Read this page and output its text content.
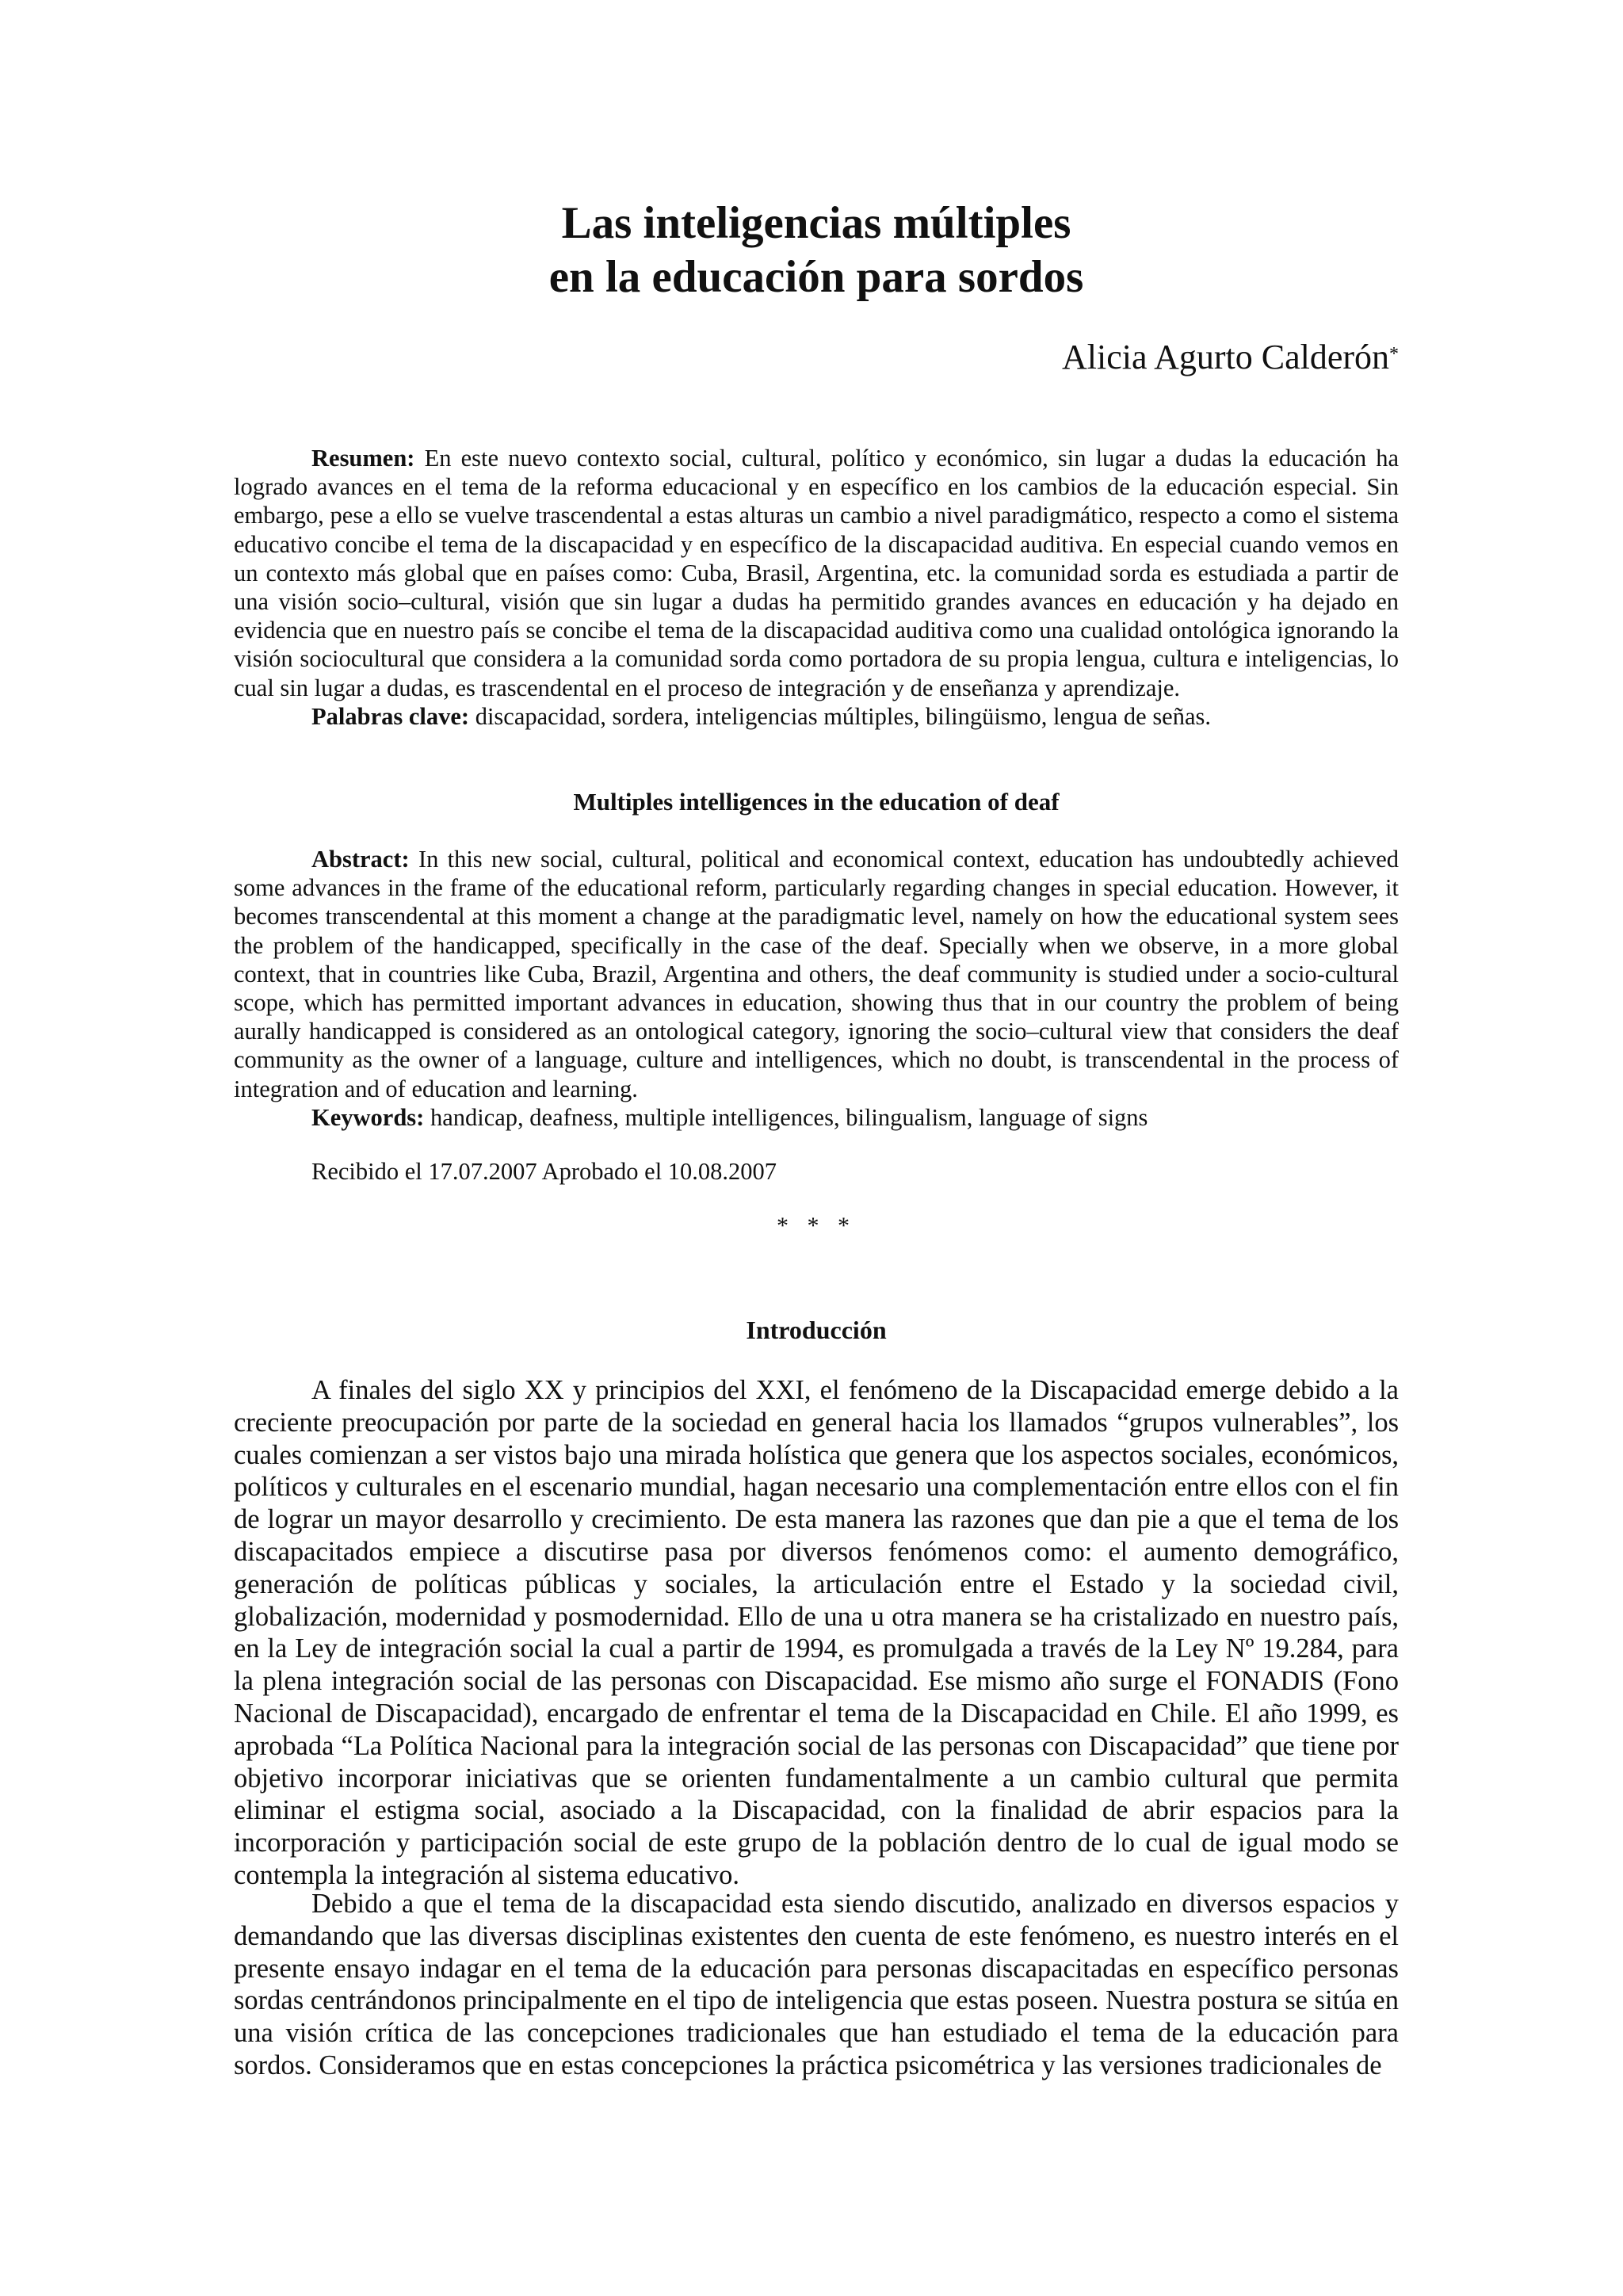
Las inteligencias múltiples
en la educación para sordos
Alicia Agurto Calderón*

Resumen: En este nuevo contexto social, cultural, político y económico, sin lugar a dudas la educación ha logrado avances en el tema de la reforma educacional y en específico en los cambios de la educación especial. Sin embargo, pese a ello se vuelve trascendental a estas alturas un cambio a nivel paradigmático, respecto a como el sistema educativo concibe el tema de la discapacidad y en específico de la discapacidad auditiva. En especial cuando vemos en un contexto más global que en países como: Cuba, Brasil, Argentina, etc. la comunidad sorda es estudiada a partir de una visión socio–cultural, visión que sin lugar a dudas ha permitido grandes avances en educación y ha dejado en evidencia que en nuestro país se concibe el tema de la discapacidad auditiva como una cualidad ontológica ignorando la visión sociocultural que considera a la comunidad sorda como portadora de su propia lengua, cultura e inteligencias, lo cual sin lugar a dudas, es trascendental en el proceso de integración y de enseñanza y aprendizaje.

Palabras clave: discapacidad, sordera, inteligencias múltiples, bilingüismo, lengua de señas.

Multiples intelligences in the education of deaf

Abstract: In this new social, cultural, political and economical context, education has undoubtedly achieved some advances in the frame of the educational reform, particularly regarding changes in special education. However, it becomes transcendental at this moment a change at the paradigmatic level, namely on how the educational system sees the problem of the handicapped, specifically in the case of the deaf. Specially when we observe, in a more global context, that in countries like Cuba, Brazil, Argentina and others, the deaf community is studied under a socio-cultural scope, which has permitted important advances in education, showing thus that in our country the problem of being aurally handicapped is considered as an ontological category, ignoring the socio–cultural view that considers the deaf community as the owner of a language, culture and intelligences, which no doubt, is transcendental in the process of integration and of education and learning.

Keywords: handicap, deafness, multiple intelligences, bilingualism, language of signs

Recibido el 17.07.2007 Aprobado el 10.08.2007

* * *
Introducción

A finales del siglo XX y principios del XXI, el fenómeno de la Discapacidad emerge debido a la creciente preocupación por parte de la sociedad en general hacia los llamados “grupos vulnerables”, los cuales comienzan a ser vistos bajo una mirada holística que genera que los aspectos sociales, económicos, políticos y culturales en el escenario mundial, hagan necesario una complementación entre ellos con el fin de lograr un mayor desarrollo y crecimiento. De esta manera las razones que dan pie a que el tema de los discapacitados empiece a discutirse pasa por diversos fenómenos como: el aumento demográfico, generación de políticas públicas y sociales, la articulación entre el Estado y la sociedad civil, globalización, modernidad y posmodernidad. Ello de una u otra manera se ha cristalizado en nuestro país, en la Ley de integración social la cual a partir de 1994, es promulgada a través de la Ley Nº 19.284, para la plena integración social de las personas con Discapacidad. Ese mismo año surge el FONADIS (Fono Nacional de Discapacidad), encargado de enfrentar el tema de la Discapacidad en Chile. El año 1999, es aprobada “La Política Nacional para la integración social de las personas con Discapacidad” que tiene por objetivo incorporar iniciativas que se orienten fundamentalmente a un cambio cultural que permita eliminar el estigma social, asociado a la Discapacidad, con la finalidad de abrir espacios para la incorporación y participación social de este grupo de la población dentro de lo cual de igual modo se contempla la integración al sistema educativo.

Debido a que el tema de la discapacidad esta siendo discutido, analizado en diversos espacios y demandando que las diversas disciplinas existentes den cuenta de este fenómeno, es nuestro interés en el presente ensayo indagar en el tema de la educación para personas discapacitadas en específico personas sordas centrándonos principalmente en el tipo de inteligencia que estas poseen. Nuestra postura se sitúa en una visión crítica de las concepciones tradicionales que han estudiado el tema de la educación para sordos. Consideramos que en estas concepciones la práctica psicométrica y las versiones tradicionales de
